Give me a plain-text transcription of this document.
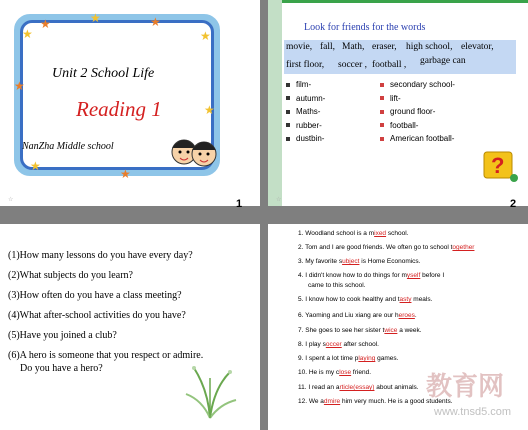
★
★	★	★
★
★
★
★
★
Unit 2 School Life
Reading 1
NanZha Middle school
☆	1
Look for friends for the words
movie, fall, Math, eraser, high school, elevator,
first floor, soccer , football , garbage can
film-
autumn-
Maths-
rubber-
dustbin-
secondary school-
lift-
ground floor-
football-
American football-
?
☆	2
(1)How many lessons do you have every day?
(2)What subjects do you learn?
(3)How often do you have a class meeting?
(4)What after-school activities do you have?
(5)Have you joined a club?
(6)A hero is someone that you respect or admire.
Do you have a hero?
教育网
www.tnsd5.com
1. Woodland school is a mixed school.
2. Tom and I are good friends. We often go to school together
3. My favorite subject is Home Economics.
4. I didn't know how to do things for myself before I
came to this school.
5. I know how to cook healthy and tasty meals.
6. Yaoming and Liu xiang are our heroes.
7. She goes to see her sister twice a week.
8. I play soccer after school.
9. I spent a lot time playing games.
10. He is my close friend.
11. I read an article(essay) about animals.
12. We admire him very much. He is a good students.
